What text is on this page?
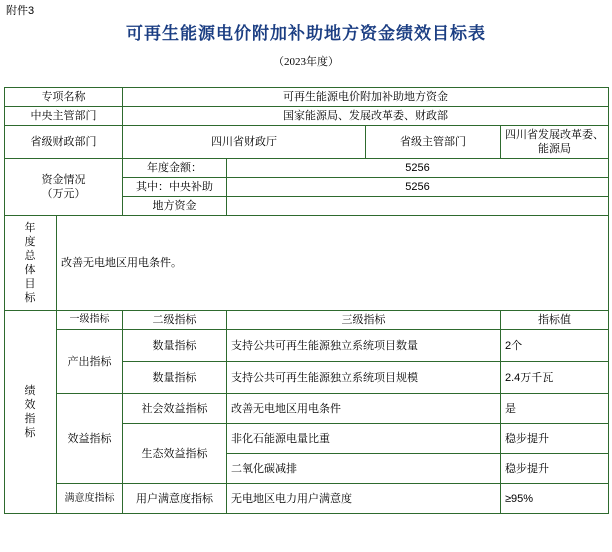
附件3
可再生能源电价附加补助地方资金绩效目标表
（2023年度）
专项名称		可再生能源电价附加补助地方资金			
中央主管部门		国家能源局、发展改革委、财政部			
省级财政部门		四川省财政厅		省级主管部门	四川省发展改革委、能源局

资金情况
（万元）		年度金额：	5256		
		其中：中央补助	5256		
		地方资金			
年
度
总
体
目
标	改善无电地区用电条件。
绩
效
指
标	一级指标	二级指标	三级指标		指标值
	产出指标	数量指标	支持公共可再生能源独立系统项目数量		2个
		数量指标	支持公共可再生能源独立系统项目规模		2.4万千瓦
	效益指标	社会效益指标	改善无电地区用电条件		是

		生态效益指标	非化石能源电量比重		稳步提升
			二氧化碳减排		稳步提升
	满意度指标	用户满意度指标	无电地区电力用户满意度		≥95%
